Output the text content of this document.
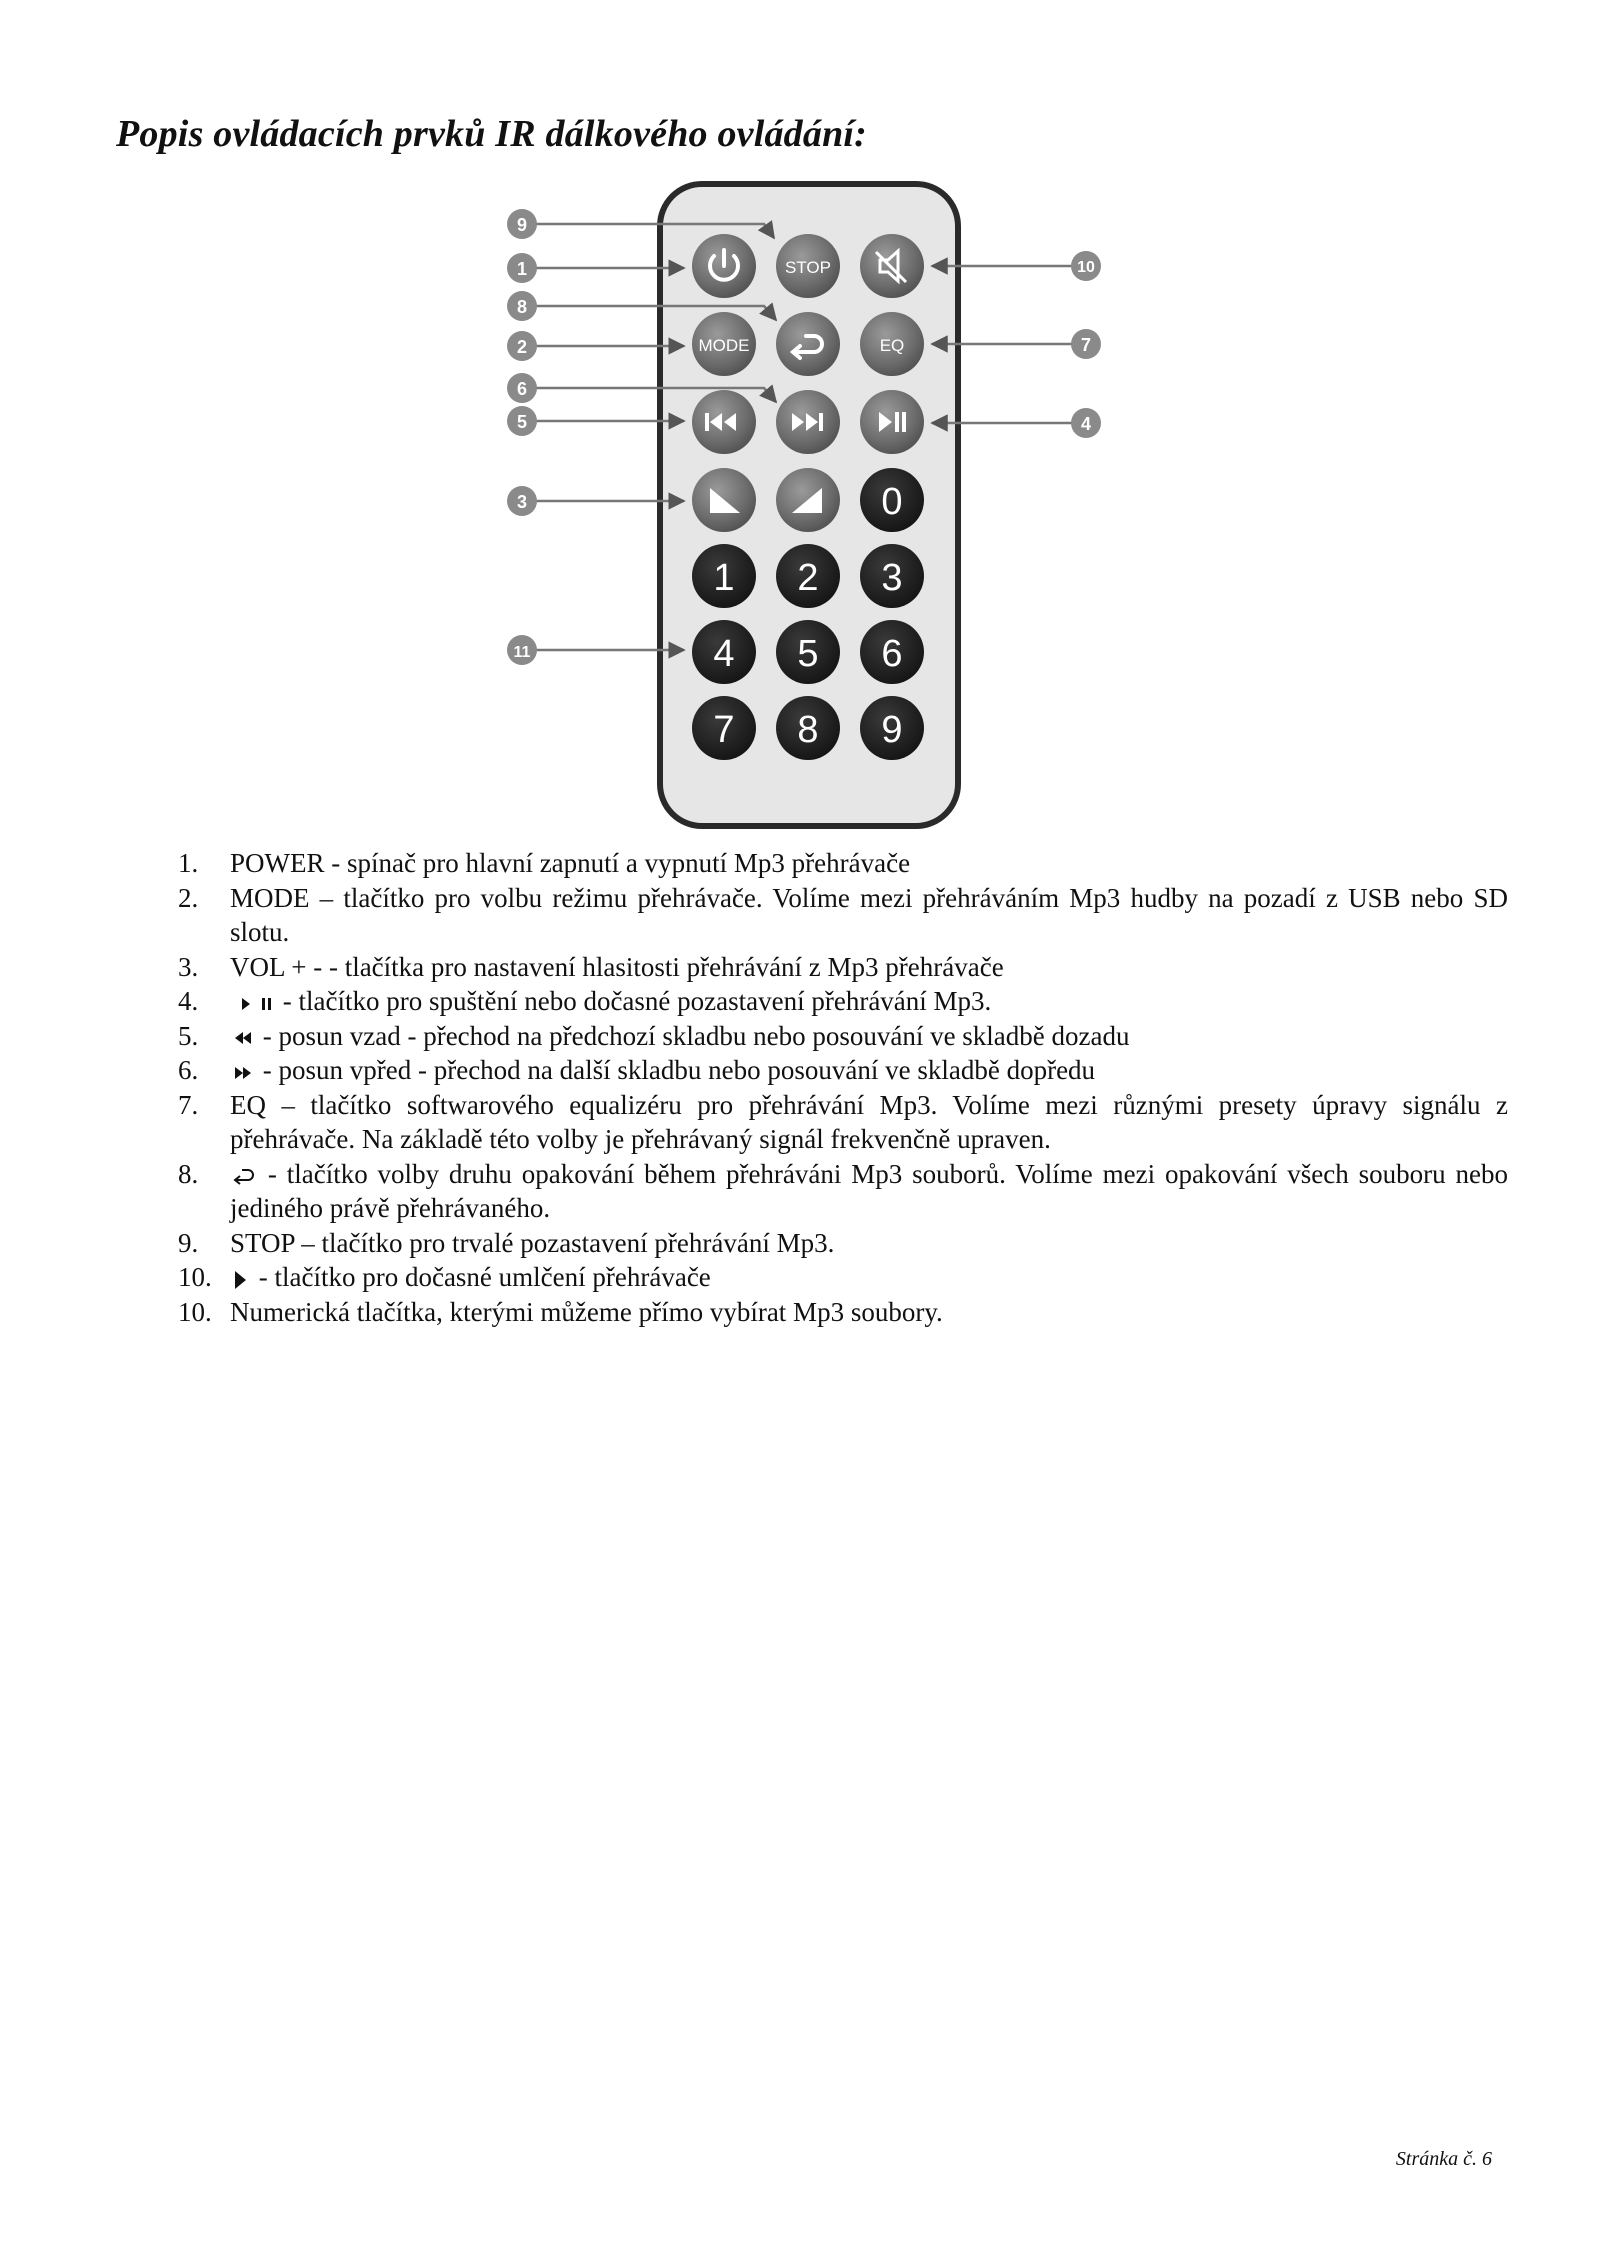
Popis ovládacích prvků IR dálkového ovládání:
STOP
MODE	EQ
0
1 2 3
4 5 6
7 8 9
9
1
8
2
6
5
3
11
10
7
4
1.	POWER - spínač pro hlavní zapnutí a vypnutí Mp3 přehrávače
2.	MODE – tlačítko pro volbu režimu přehrávače. Volíme mezi přehráváním Mp3 hudby na pozadí z USB nebo SD slotu.
3.	VOL + - - tlačítka pro nastavení hlasitosti přehrávání z Mp3 přehrávače
4.	- tlačítko pro spuštění nebo dočasné pozastavení přehrávání Mp3.
5.	- posun vzad - přechod na předchozí skladbu nebo posouvání ve skladbě dozadu
6.	- posun vpřed - přechod na další skladbu nebo posouvání ve skladbě dopředu
7.	EQ – tlačítko softwarového equalizéru pro přehrávání Mp3. Volíme mezi různými presety úpravy signálu z přehrávače. Na základě této volby je přehrávaný signál frekvenčně upraven.
8.	- tlačítko volby druhu opakování během přehráváni Mp3 souborů. Volíme mezi opakování všech souboru nebo jediného právě přehrávaného.
9.	STOP – tlačítko pro trvalé pozastavení přehrávání Mp3.
10.	- tlačítko pro dočasné umlčení přehrávače
10. Numerická tlačítka, kterými můžeme přímo vybírat Mp3 soubory.
Stránka č. 6
